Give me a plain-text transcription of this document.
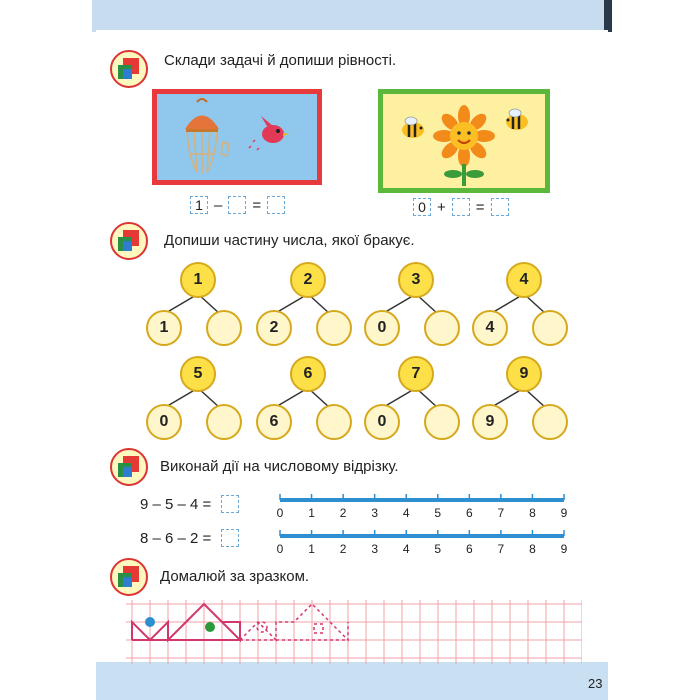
23
Склади задачі й допиши рівності.
Допиши частину числа, якої бракує.
Виконай дії на числовому відрізку.
Домалюй за зразком.
1 – =	0 + =
1
1
2
2
3
0
4
4
5
0
6
6
7
0
9
9
9 – 5 – 4 =
8 – 6 – 2 =
0	1	2	3	4	5	6	7	8	9
0	1	2	3	4	5	6	7	8	9
